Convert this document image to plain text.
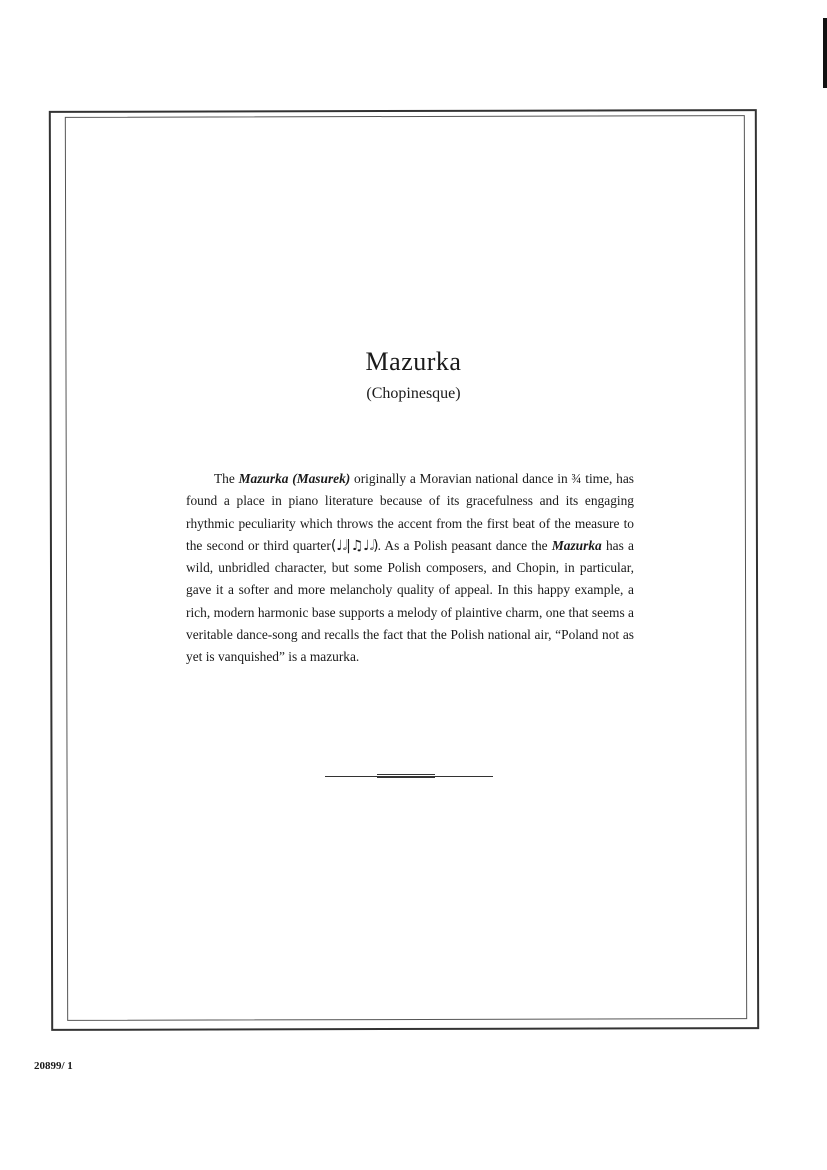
Mazurka
(Chopinesque)

The Mazurka (Masurek) originally a Moravian national dance in ¾ time, has found a place in piano literature because of its gracefulness and its engaging rhythmic peculiarity which throws the accent from the first beat of the measure to the second or third quarter(♩𝅗𝅥|♫♩𝅗𝅥). As a Polish peasant dance the Mazurka has a wild, unbridled character, but some Polish composers, and Chopin, in particular, gave it a softer and more melancholy quality of appeal. In this happy example, a rich, modern harmonic base supports a melody of plaintive charm, one that seems a veritable dance-song and recalls the fact that the Polish national air, “Poland not as yet is vanquished” is a mazurka.

20899/ 1
